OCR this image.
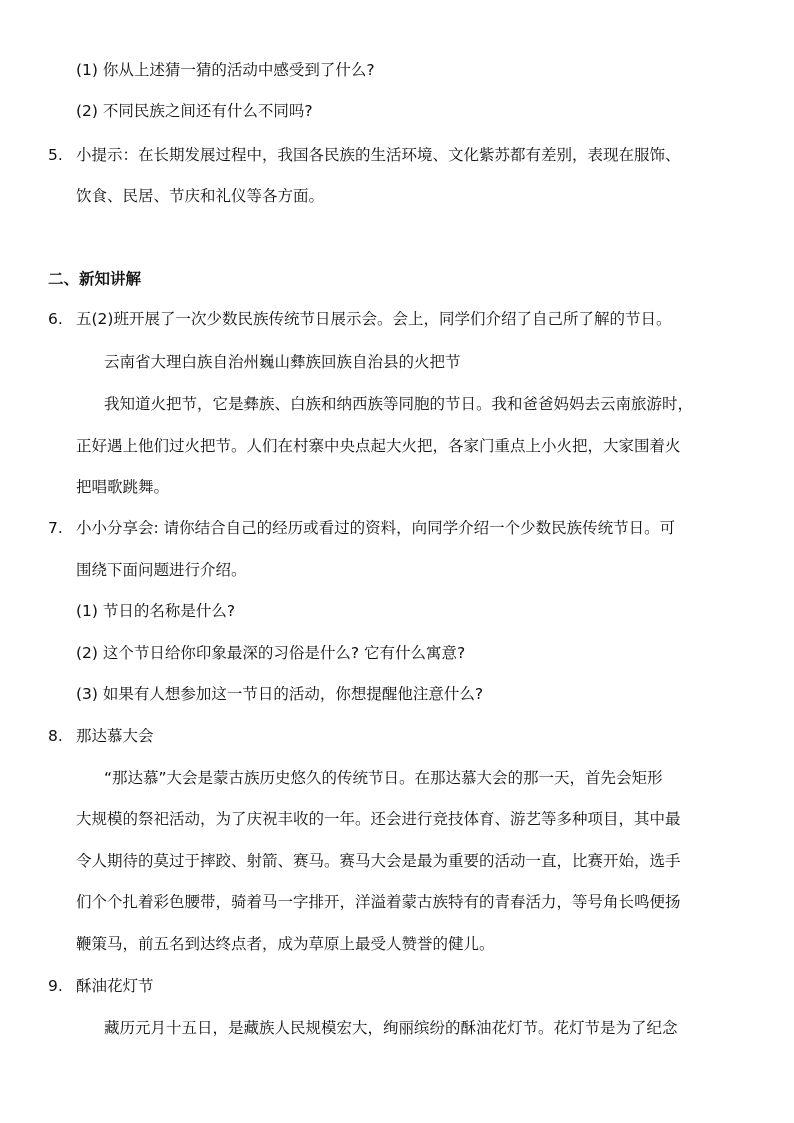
(1) 你从上述猜一猜的活动中感受到了什么?
(2) 不同民族之间还有什么不同吗?
5. 小提示：在长期发展过程中，我国各民族的生活环境、文化紫苏都有差别，表现在服饰、
饮食、民居、节庆和礼仪等各方面。
二、新知讲解
6. 五(2)班开展了一次少数民族传统节日展示会。会上，同学们介绍了自己所了解的节日。
云南省大理白族自治州巍山彝族回族自治县的火把节
我知道火把节，它是彝族、白族和纳西族等同胞的节日。我和爸爸妈妈去云南旅游时，
正好遇上他们过火把节。人们在村寨中央点起大火把，各家门重点上小火把，大家围着火
把唱歌跳舞。
7. 小小分享会: 请你结合自己的经历或看过的资料，向同学介绍一个少数民族传统节日。可
围绕下面问题进行介绍。
(1) 节日的名称是什么?
(2) 这个节日给你印象最深的习俗是什么? 它有什么寓意?
(3) 如果有人想参加这一节日的活动，你想提醒他注意什么?
8. 那达慕大会
“那达慕”大会是蒙古族历史悠久的传统节日。在那达慕大会的那一天，首先会矩形
大规模的祭祀活动，为了庆祝丰收的一年。还会进行竞技体育、游艺等多种项目，其中最
令人期待的莫过于摔跤、射箭、赛马。赛马大会是最为重要的活动一直，比赛开始，选手
们个个扎着彩色腰带，骑着马一字排开，洋溢着蒙古族特有的青春活力，等号角长鸣便扬
鞭策马，前五名到达终点者，成为草原上最受人赞誉的健儿。
9. 酥油花灯节
藏历元月十五日，是藏族人民规模宏大，绚丽缤纷的酥油花灯节。花灯节是为了纪念
